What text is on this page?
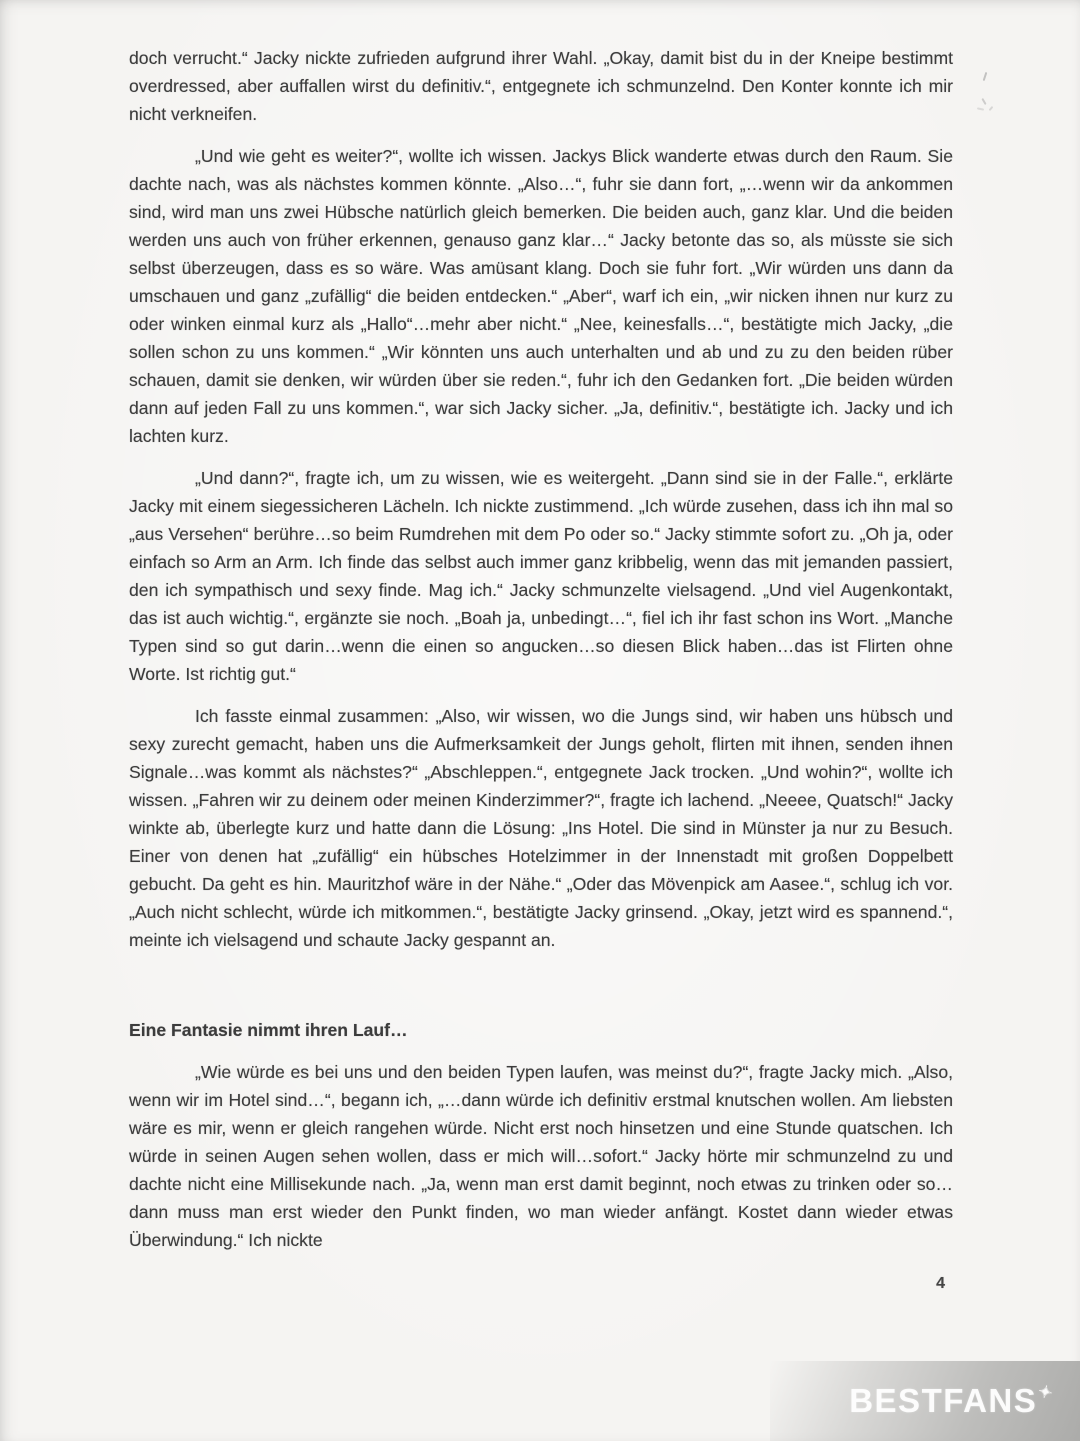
doch verrucht.“ Jacky nickte zufrieden aufgrund ihrer Wahl. „Okay, damit bist du in der Kneipe bestimmt overdressed, aber auffallen wirst du definitiv.“, entgegnete ich schmunzelnd. Den Konter konnte ich mir nicht verkneifen.

„Und wie geht es weiter?“, wollte ich wissen. Jackys Blick wanderte etwas durch den Raum. Sie dachte nach, was als nächstes kommen könnte. „Also…“, fuhr sie dann fort, „…wenn wir da ankommen sind, wird man uns zwei Hübsche natürlich gleich bemerken. Die beiden auch, ganz klar. Und die beiden werden uns auch von früher erkennen, genauso ganz klar…“ Jacky betonte das so, als müsste sie sich selbst überzeugen, dass es so wäre. Was amüsant klang. Doch sie fuhr fort. „Wir würden uns dann da umschauen und ganz „zufällig“ die beiden entdecken.“ „Aber“, warf ich ein, „wir nicken ihnen nur kurz zu oder winken einmal kurz als „Hallo“…mehr aber nicht.“ „Nee, keinesfalls…“, bestätigte mich Jacky, „die sollen schon zu uns kommen.“ „Wir könnten uns auch unterhalten und ab und zu zu den beiden rüber schauen, damit sie denken, wir würden über sie reden.“, fuhr ich den Gedanken fort. „Die beiden würden dann auf jeden Fall zu uns kommen.“, war sich Jacky sicher. „Ja, definitiv.“, bestätigte ich. Jacky und ich lachten kurz.

„Und dann?“, fragte ich, um zu wissen, wie es weitergeht. „Dann sind sie in der Falle.“, erklärte Jacky mit einem siegessicheren Lächeln. Ich nickte zustimmend. „Ich würde zusehen, dass ich ihn mal so „aus Versehen“ berühre…so beim Rumdrehen mit dem Po oder so.“ Jacky stimmte sofort zu. „Oh ja, oder einfach so Arm an Arm. Ich finde das selbst auch immer ganz kribbelig, wenn das mit jemanden passiert, den ich sympathisch und sexy finde. Mag ich.“ Jacky schmunzelte vielsagend. „Und viel Augenkontakt, das ist auch wichtig.“, ergänzte sie noch. „Boah ja, unbedingt…“, fiel ich ihr fast schon ins Wort. „Manche Typen sind so gut darin…wenn die einen so angucken…so diesen Blick haben…das ist Flirten ohne Worte. Ist richtig gut.“

Ich fasste einmal zusammen: „Also, wir wissen, wo die Jungs sind, wir haben uns hübsch und sexy zurecht gemacht, haben uns die Aufmerksamkeit der Jungs geholt, flirten mit ihnen, senden ihnen Signale…was kommt als nächstes?“ „Abschleppen.“, entgegnete Jack trocken. „Und wohin?“, wollte ich wissen. „Fahren wir zu deinem oder meinen Kinderzimmer?“, fragte ich lachend. „Neeee, Quatsch!“ Jacky winkte ab, überlegte kurz und hatte dann die Lösung: „Ins Hotel. Die sind in Münster ja nur zu Besuch. Einer von denen hat „zufällig“ ein hübsches Hotelzimmer in der Innenstadt mit großen Doppelbett gebucht. Da geht es hin. Mauritzhof wäre in der Nähe.“ „Oder das Mövenpick am Aasee.“, schlug ich vor. „Auch nicht schlecht, würde ich mitkommen.“, bestätigte Jacky grinsend. „Okay, jetzt wird es spannend.“, meinte ich vielsagend und schaute Jacky gespannt an.

Eine Fantasie nimmt ihren Lauf…

„Wie würde es bei uns und den beiden Typen laufen, was meinst du?“, fragte Jacky mich. „Also, wenn wir im Hotel sind…“, begann ich, „…dann würde ich definitiv erstmal knutschen wollen. Am liebsten wäre es mir, wenn er gleich rangehen würde. Nicht erst noch hinsetzen und eine Stunde quatschen. Ich würde in seinen Augen sehen wollen, dass er mich will…sofort.“ Jacky hörte mir schmunzelnd zu und dachte nicht eine Millisekunde nach. „Ja, wenn man erst damit beginnt, noch etwas zu trinken oder so…dann muss man erst wieder den Punkt finden, wo man wieder anfängt. Kostet dann wieder etwas Überwindung.“ Ich nickte

4
BESTFANS✦
